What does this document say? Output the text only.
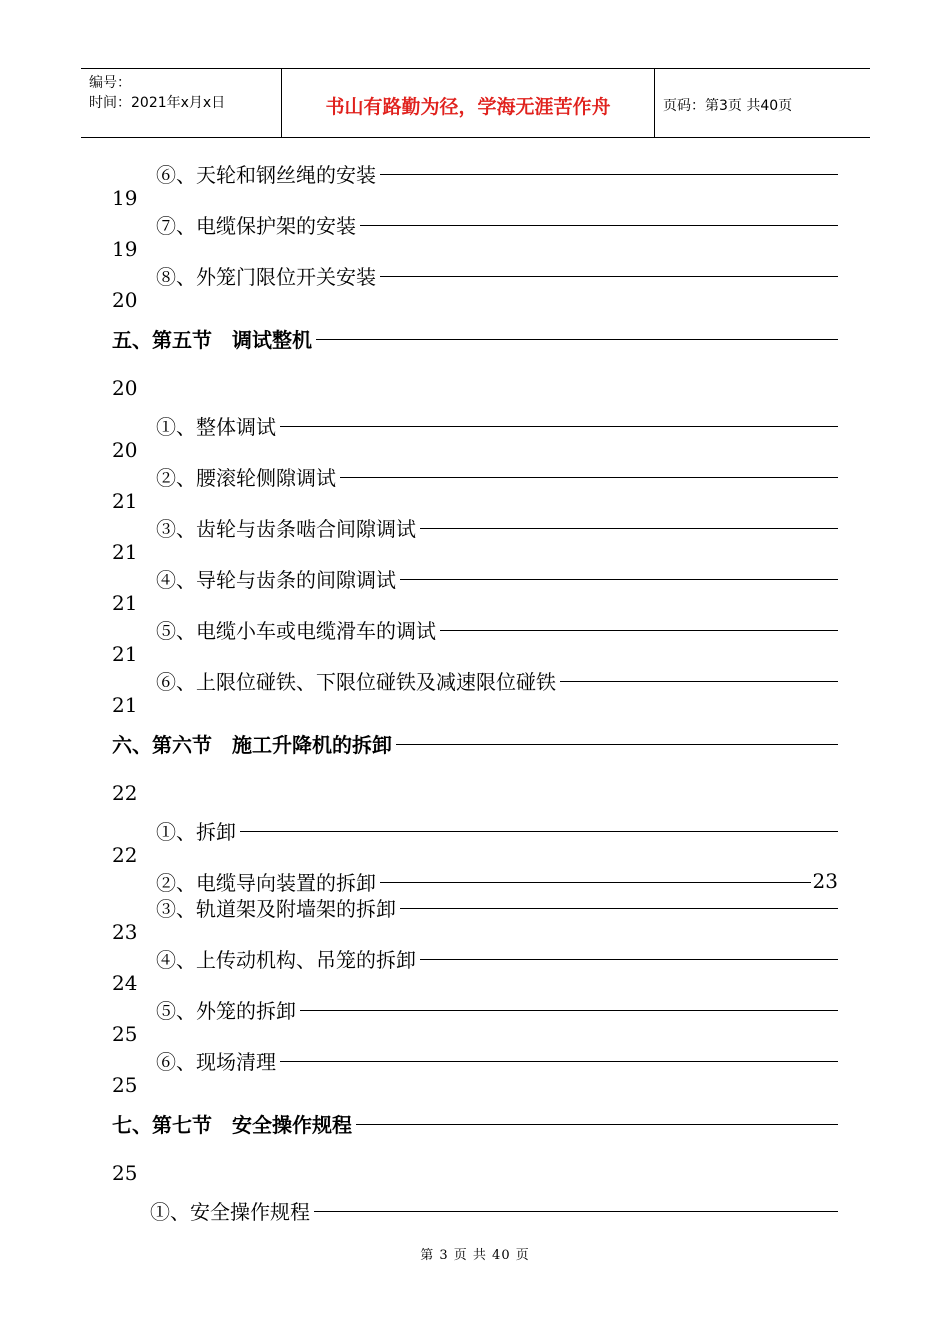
编号：
时间：2021年x月x日	书山有路勤为径，学海无涯苦作舟	页码：第3页 共40页
⑥、天轮和钢丝绳的安装
19
⑦、电缆保护架的安装
19
⑧、外笼门限位开关安装
20
五、第五节　调试整机
20
①、整体调试
20
②、腰滚轮侧隙调试
21
③、齿轮与齿条啮合间隙调试
21
④、导轮与齿条的间隙调试
21
⑤、电缆小车或电缆滑车的调试
21
⑥、上限位碰铁、下限位碰铁及减速限位碰铁
21
六、第六节　施工升降机的拆卸
22
①、拆卸
22
②、电缆导向装置的拆卸	23
③、轨道架及附墙架的拆卸
23
④、上传动机构、吊笼的拆卸
24
⑤、外笼的拆卸
25
⑥、现场清理
25
七、第七节　安全操作规程
25
①、安全操作规程
第 3 页 共 40 页
